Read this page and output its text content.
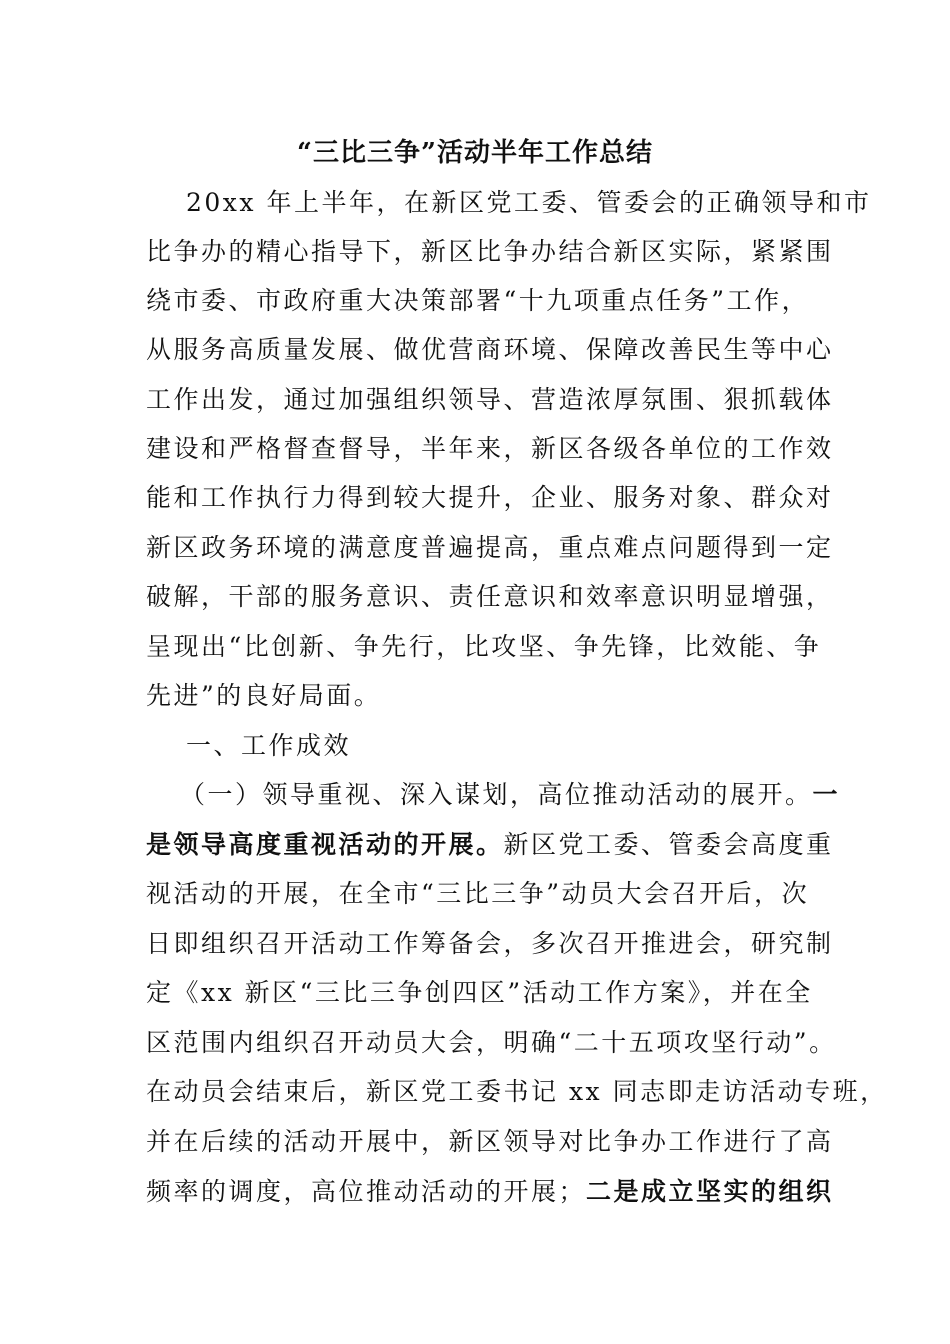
“三比三争”活动半年工作总结
20xx 年上半年，在新区党工委、管委会的正确领导和市
比争办的精心指导下，新区比争办结合新区实际，紧紧围
绕市委、市政府重大决策部署“十九项重点任务”工作，
从服务高质量发展、做优营商环境、保障改善民生等中心
工作出发，通过加强组织领导、营造浓厚氛围、狠抓载体
建设和严格督查督导，半年来，新区各级各单位的工作效
能和工作执行力得到较大提升，企业、服务对象、群众对
新区政务环境的满意度普遍提高，重点难点问题得到一定
破解，干部的服务意识、责任意识和效率意识明显增强，
呈现出“比创新、争先行，比攻坚、争先锋，比效能、争
先进”的良好局面。
一、工作成效
（一）领导重视、深入谋划，高位推动活动的展开。一
是领导高度重视活动的开展。新区党工委、管委会高度重
视活动的开展，在全市“三比三争”动员大会召开后，次
日即组织召开活动工作筹备会，多次召开推进会，研究制
定《xx 新区“三比三争创四区”活动工作方案》，并在全
区范围内组织召开动员大会，明确“二十五项攻坚行动”。
在动员会结束后，新区党工委书记 xx 同志即走访活动专班，
并在后续的活动开展中，新区领导对比争办工作进行了高
频率的调度，高位推动活动的开展；二是成立坚实的组织
